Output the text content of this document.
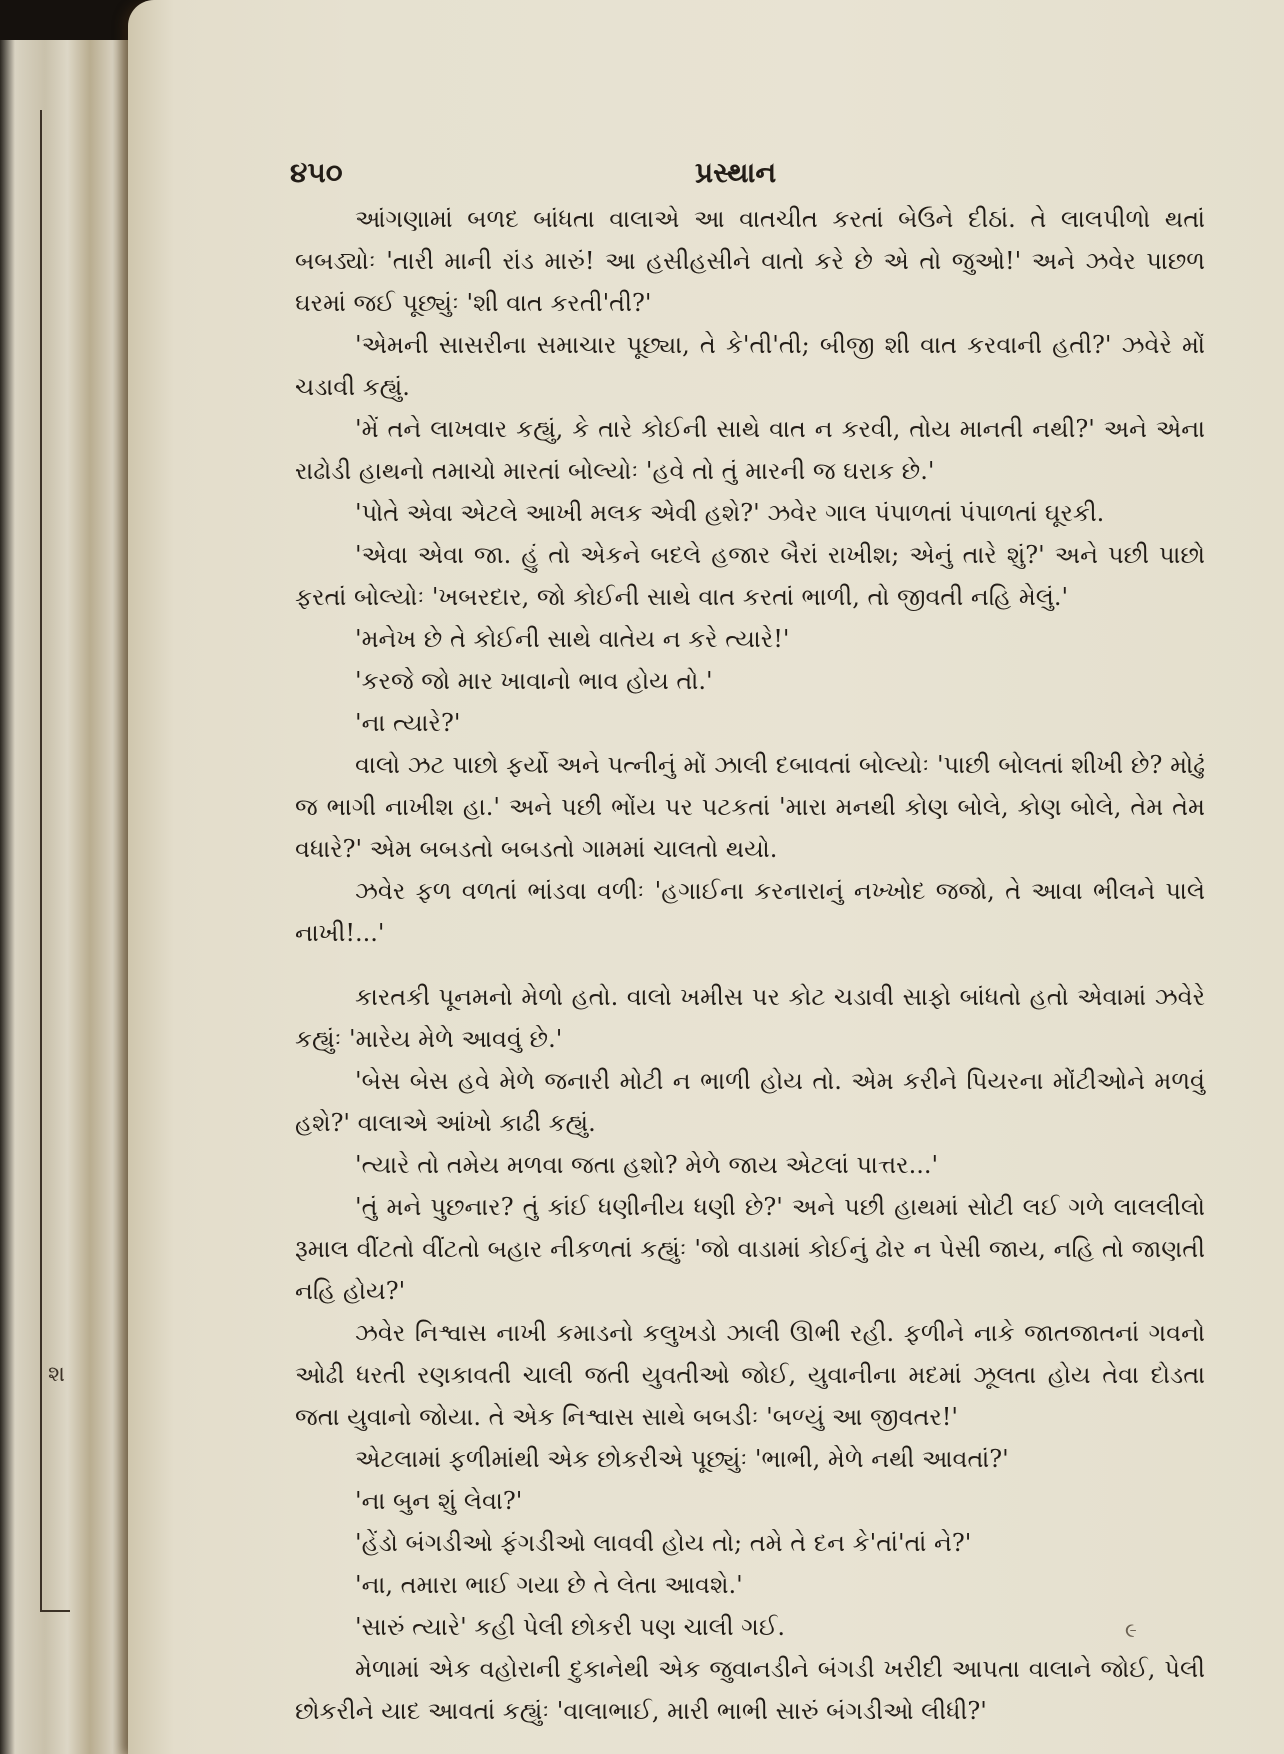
શ
૪૫૦	પ્રસ્થાન

આંગણામાં બળદ બાંધતા વાલાએ આ વાતચીત કરતાં બેઉને દીઠાં. તે લાલપીળો થતાં બબડ્યોઃ 'તારી માની રાંડ મારું! આ હસીહસીને વાતો કરે છે એ તો જુઓ!' અને ઝવેર પાછળ ઘરમાં જઈ પૂછ્યુંઃ 'શી વાત કરતી'તી?'

'એમની સાસરીના સમાચાર પૂછ્યા, તે કે'તી'તી; બીજી શી વાત કરવાની હતી?' ઝવેરે મોં ચડાવી કહ્યું.

'મેં તને લાખવાર કહ્યું, કે તારે કોઈની સાથે વાત ન કરવી, તોય માનતી નથી?' અને એના રાઢોડી હાથનો તમાચો મારતાં બોલ્યોઃ 'હવે તો તું મારની જ ઘરાક છે.'

'પોતે એવા એટલે આખી મલક એવી હશે?' ઝવેર ગાલ પંપાળતાં પંપાળતાં ઘૂરકી.

'એવા એવા જા. હું તો એકને બદલે હજાર બૈરાં રાખીશ; એનું તારે શું?' અને પછી પાછો ફરતાં બોલ્યોઃ 'ખબરદાર, જો કોઈની સાથે વાત કરતાં ભાળી, તો જીવતી નહિ મેલું.'

'મનેખ છે તે કોઈની સાથે વાતેય ન કરે ત્યારે!'

'કરજે જો માર ખાવાનો ભાવ હોય તો.'

'ના ત્યારે?'

વાલો ઝટ પાછો ફર્યો અને પત્નીનું મોં ઝાલી દબાવતાં બોલ્યોઃ 'પાછી બોલતાં શીખી છે? મોઢું જ ભાગી નાખીશ હા.' અને પછી ભોંય પર પટકતાં 'મારા મનથી કોણ બોલે, કોણ બોલે, તેમ તેમ વધારે?' એમ બબડતો બબડતો ગામમાં ચાલતો થયો.

ઝવેર ફળ વળતાં ભાંડવા વળીઃ 'હગાઈના કરનારાનું નખ્ખોદ જજો, તે આવા ભીલને પાલે નાખી!...'

કારતકી પૂનમનો મેળો હતો. વાલો ખમીસ પર કોટ ચડાવી સાફો બાંધતો હતો એવામાં ઝવેરે કહ્યુંઃ 'મારેય મેળે આવવું છે.'

'બેસ બેસ હવે મેળે જનારી મોટી ન ભાળી હોય તો. એમ કરીને પિયરના મોંટીઓને મળવું હશે?' વાલાએ આંખો કાઢી કહ્યું.

'ત્યારે તો તમેય મળવા જતા હશો? મેળે જાય એટલાં પાત્તર...'

'તું મને પુછનાર? તું કાંઈ ધણીનીય ધણી છે?' અને પછી હાથમાં સોટી લઈ ગળે લાલલીલો રૂમાલ વીંટતો વીંટતો બહાર નીકળતાં કહ્યુંઃ 'જો વાડામાં કોઈનું ઢોર ન પેસી જાય, નહિ તો જાણતી નહિ હોય?'

ઝવેર નિશ્વાસ નાખી કમાડનો કલુખડો ઝાલી ઊભી રહી. ફળીને નાકે જાતજાતનાં ગવનો ઓઢી ધરતી રણકાવતી ચાલી જતી યુવતીઓ જોઈ, યુવાનીના મદમાં ઝૂલતા હોય તેવા દોડતા જતા યુવાનો જોયા. તે એક નિશ્વાસ સાથે બબડીઃ 'બળ્યું આ જીવતર!'

એટલામાં ફળીમાંથી એક છોકરીએ પૂછ્યુંઃ 'ભાભી, મેળે નથી આવતાં?'

'ના બુન શું લેવા?'

'હેંડો બંગડીઓ ફંગડીઓ લાવવી હોય તો; તમે તે દન કે'તાં'તાં ને?'

'ના, તમારા ભાઈ ગયા છે તે લેતા આવશે.'

'સારું ત્યારે' કહી પેલી છોકરી પણ ચાલી ગઈ.

મેળામાં એક વહોરાની દુકાનેથી એક જુવાનડીને બંગડી ખરીદી આપતા વાલાને જોઈ, પેલી છોકરીને યાદ આવતાં કહ્યુંઃ 'વાલાભાઈ, મારી ભાભી સારું બંગડીઓ લીધી?'

૯
